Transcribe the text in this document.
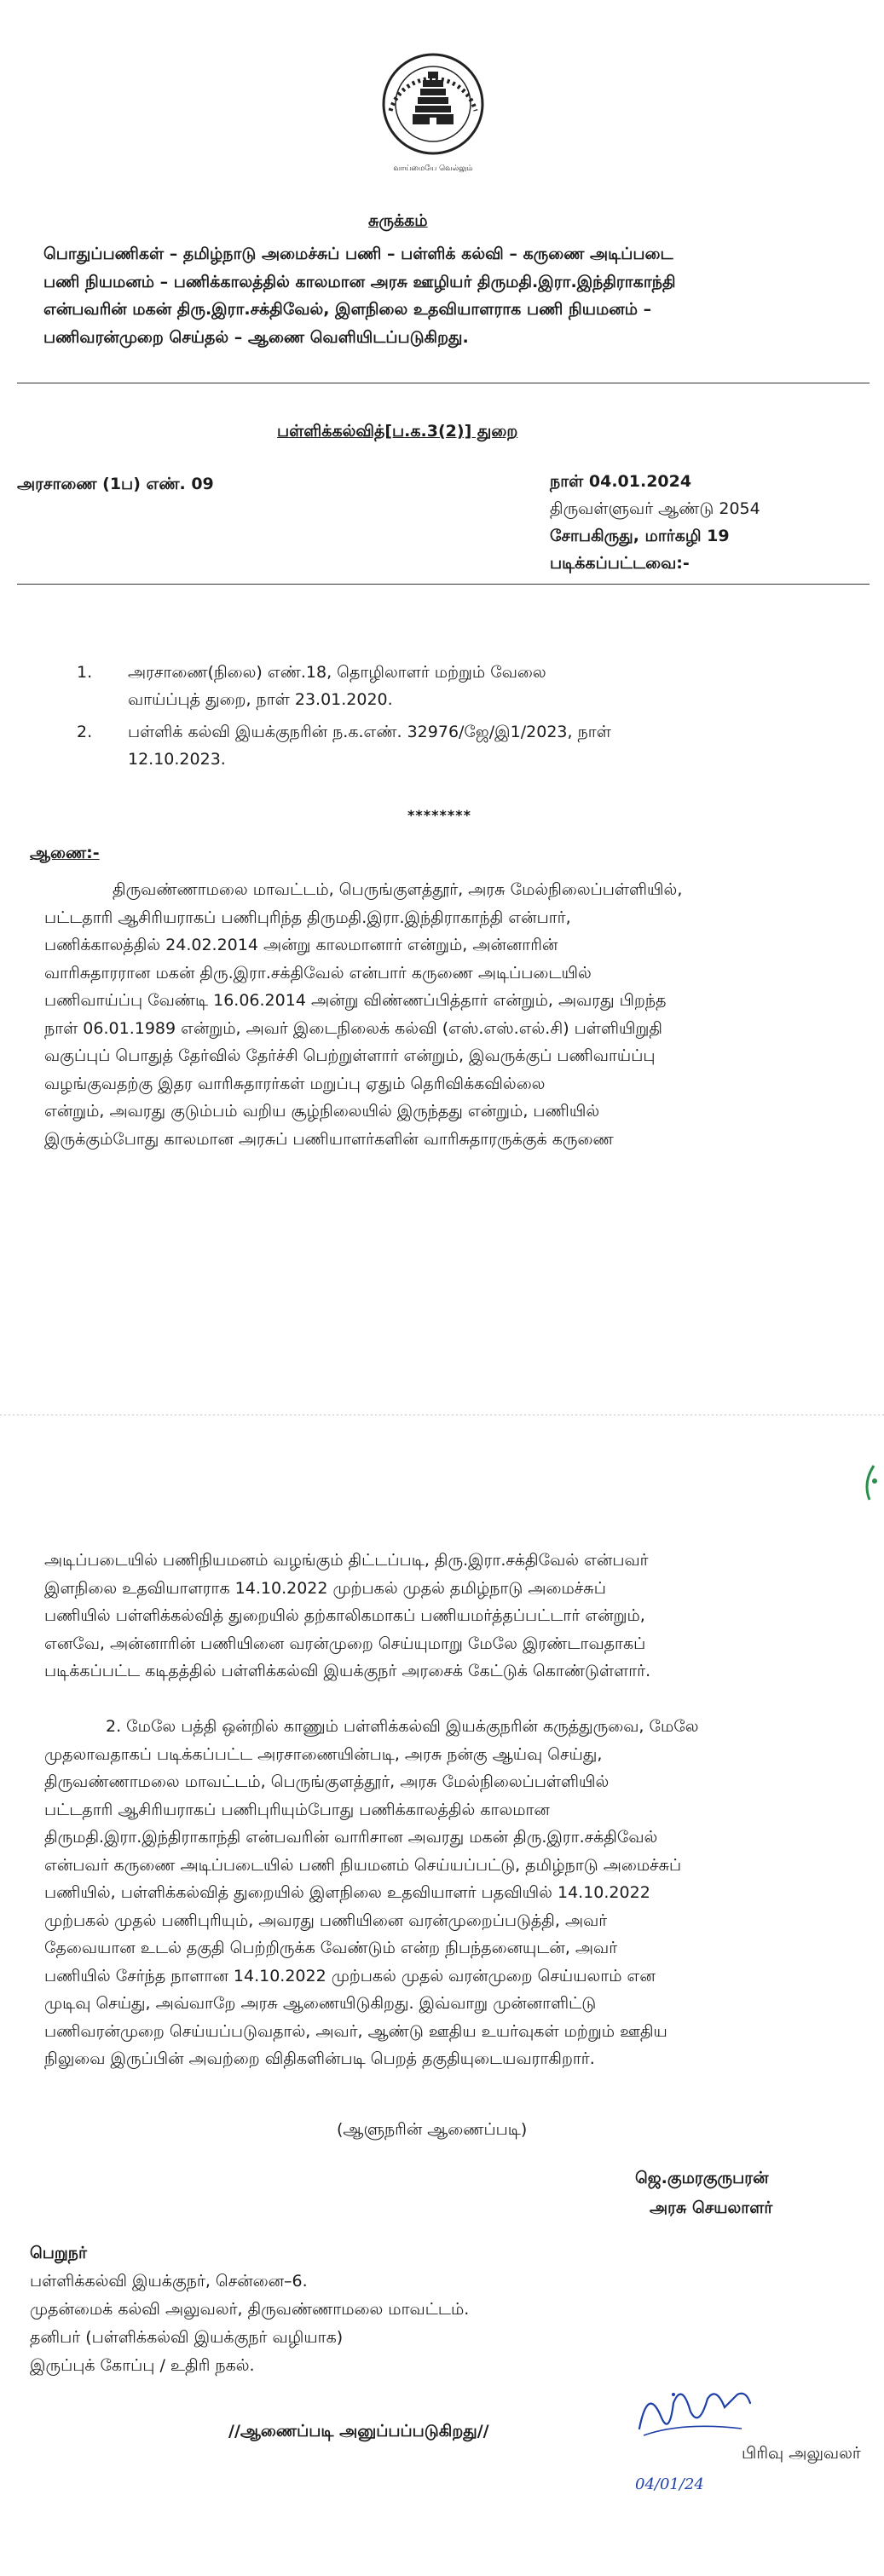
வாய்மையே வெல்லும்
சுருக்கம்

பொதுப்பணிகள் – தமிழ்நாடு அமைச்சுப் பணி – பள்ளிக் கல்வி – கருணை அடிப்படை

பணி நியமனம் – பணிக்காலத்தில் காலமான அரசு ஊழியர் திருமதி.இரா.இந்திராகாந்தி

என்பவரின் மகன் திரு.இரா.சக்திவேல், இளநிலை உதவியாளராக பணி நியமனம் –

பணிவரன்முறை செய்தல் – ஆணை வெளியிடப்படுகிறது.

பள்ளிக்கல்வித்[ப.க.3(2)] துறை
அரசாணை (1ப) எண். 09	நாள் 04.01.2024
திருவள்ளுவர் ஆண்டு 2054
சோபகிருது, மார்கழி 19
படிக்கப்பட்டவை:-
1.	அரசாணை(நிலை) எண்.18, தொழிலாளர் மற்றும் வேலை
வாய்ப்புத் துறை, நாள் 23.01.2020.
2.	பள்ளிக் கல்வி இயக்குநரின் ந.க.எண். 32976/ஜே/இ1/2023, நாள்
12.10.2023.
********
ஆணை:-

திருவண்ணாமலை மாவட்டம், பெருங்குளத்தூர், அரசு மேல்நிலைப்பள்ளியில்,

பட்டதாரி ஆசிரியராகப் பணிபுரிந்த திருமதி.இரா.இந்திராகாந்தி என்பார்,

பணிக்காலத்தில் 24.02.2014 அன்று காலமானார் என்றும், அன்னாரின்

வாரிசுதாரரான மகன் திரு.இரா.சக்திவேல் என்பார் கருணை அடிப்படையில்

பணிவாய்ப்பு வேண்டி 16.06.2014 அன்று விண்ணப்பித்தார் என்றும், அவரது பிறந்த

நாள் 06.01.1989 என்றும், அவர் இடைநிலைக் கல்வி (எஸ்.எஸ்.எல்.சி) பள்ளியிறுதி

வகுப்புப் பொதுத் தேர்வில் தேர்ச்சி பெற்றுள்ளார் என்றும், இவருக்குப் பணிவாய்ப்பு

வழங்குவதற்கு இதர வாரிசுதாரர்கள் மறுப்பு ஏதும் தெரிவிக்கவில்லை

என்றும், அவரது குடும்பம் வறிய சூழ்நிலையில் இருந்தது என்றும், பணியில்

இருக்கும்போது காலமான அரசுப் பணியாளர்களின் வாரிசுதாரருக்குக் கருணை

அடிப்படையில் பணிநியமனம் வழங்கும் திட்டப்படி, திரு.இரா.சக்திவேல் என்பவர்

இளநிலை உதவியாளராக 14.10.2022 முற்பகல் முதல் தமிழ்நாடு அமைச்சுப்

பணியில் பள்ளிக்கல்வித் துறையில் தற்காலிகமாகப் பணியமர்த்தப்பட்டார் என்றும்,

எனவே, அன்னாரின் பணியினை வரன்முறை செய்யுமாறு மேலே இரண்டாவதாகப்

படிக்கப்பட்ட கடிதத்தில் பள்ளிக்கல்வி இயக்குநர் அரசைக் கேட்டுக் கொண்டுள்ளார்.

2. மேலே பத்தி ஒன்றில் காணும் பள்ளிக்கல்வி இயக்குநரின் கருத்துருவை, மேலே

முதலாவதாகப் படிக்கப்பட்ட அரசாணையின்படி, அரசு நன்கு ஆய்வு செய்து,

திருவண்ணாமலை மாவட்டம், பெருங்குளத்தூர், அரசு மேல்நிலைப்பள்ளியில்

பட்டதாரி ஆசிரியராகப் பணிபுரியும்போது பணிக்காலத்தில் காலமான

திருமதி.இரா.இந்திராகாந்தி என்பவரின் வாரிசான அவரது மகன் திரு.இரா.சக்திவேல்

என்பவர் கருணை அடிப்படையில் பணி நியமனம் செய்யப்பட்டு, தமிழ்நாடு அமைச்சுப்

பணியில், பள்ளிக்கல்வித் துறையில் இளநிலை உதவியாளர் பதவியில் 14.10.2022

முற்பகல் முதல் பணிபுரியும், அவரது பணியினை வரன்முறைப்படுத்தி, அவர்

தேவையான உடல் தகுதி பெற்றிருக்க வேண்டும் என்ற நிபந்தனையுடன், அவர்

பணியில் சேர்ந்த நாளான 14.10.2022 முற்பகல் முதல் வரன்முறை செய்யலாம் என

முடிவு செய்து, அவ்வாறே அரசு ஆணையிடுகிறது. இவ்வாறு முன்னாளிட்டு

பணிவரன்முறை செய்யப்படுவதால், அவர், ஆண்டு ஊதிய உயர்வுகள் மற்றும் ஊதிய

நிலுவை இருப்பின் அவற்றை விதிகளின்படி பெறத் தகுதியுடையவராகிறார்.

(ஆளுநரின் ஆணைப்படி)
ஜெ.குமரகுருபரன்
அரசு செயலாளர்
பெறுநர்
பள்ளிக்கல்வி இயக்குநர், சென்னை–6.
முதன்மைக் கல்வி அலுவலர், திருவண்ணாமலை மாவட்டம்.
தனிபர் (பள்ளிக்கல்வி இயக்குநர் வழியாக)
இருப்புக் கோப்பு / உதிரி நகல்.
//ஆணைப்படி அனுப்பப்படுகிறது//
பிரிவு அலுவலர்
04/01/24
